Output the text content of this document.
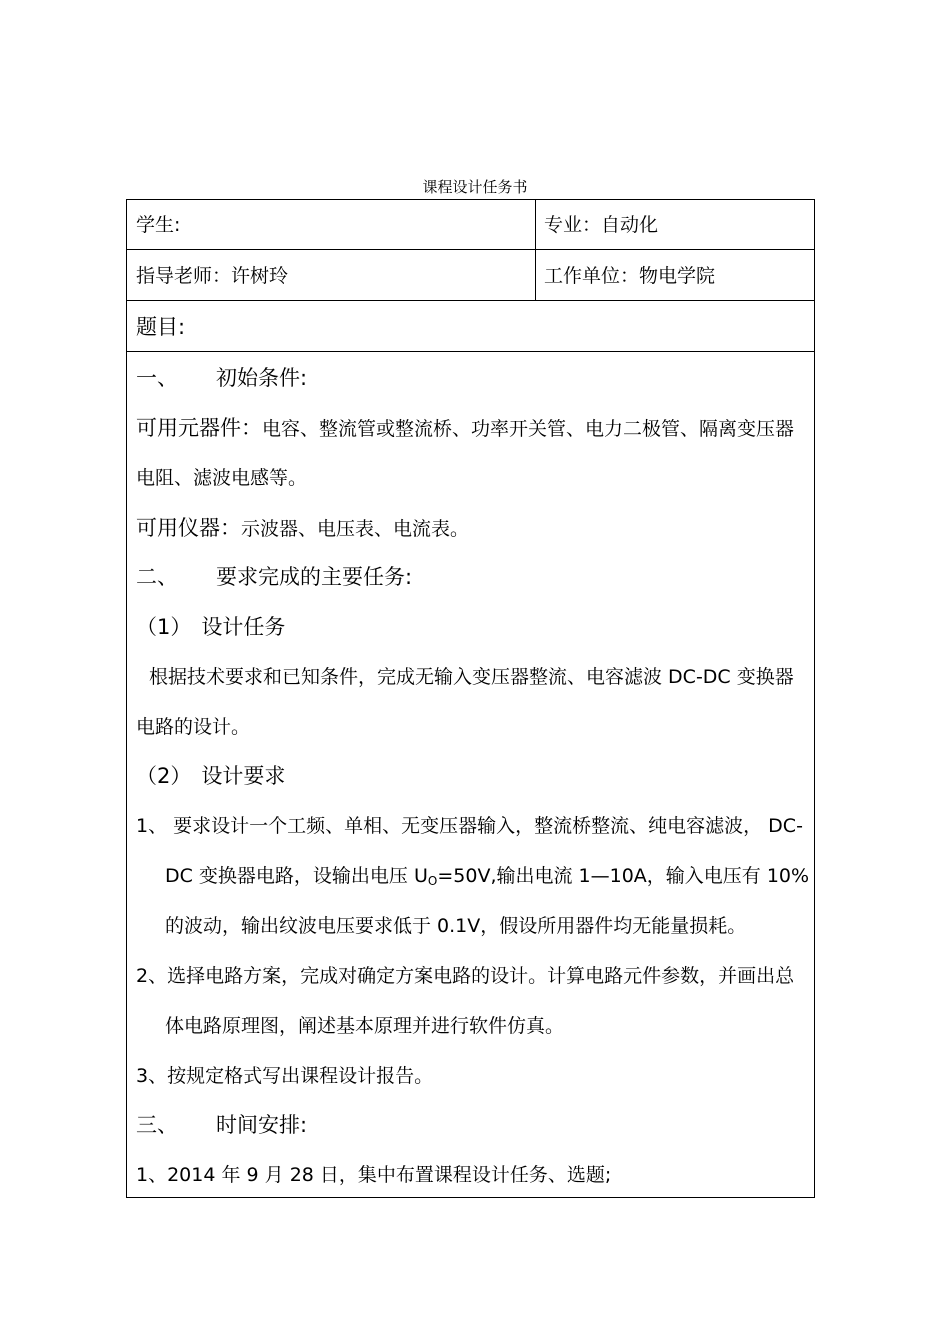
课程设计任务书
学生:	专业：自动化
指导老师：许树玲	工作单位：物电学院
题目:
一、 初始条件:
可用元器件：电容、整流管或整流桥、功率开关管、电力二极管、隔离变压器
电阻、滤波电感等。
可用仪器：示波器、电压表、电流表。
二、 要求完成的主要任务:
（1） 设计任务
根据技术要求和已知条件，完成无输入变压器整流、电容滤波 DC-DC 变换器
电路的设计。
（2） 设计要求
1、 要求设计一个工频、单相、无变压器输入，整流桥整流、纯电容滤波， DC-
DC 变换器电路，设输出电压 $U_O=50V$,输出电流 1—10A，输入电压有 10%
的波动，输出纹波电压要求低于 0.1V，假设所用器件均无能量损耗。
2、选择电路方案，完成对确定方案电路的设计。计算电路元件参数，并画出总
体电路原理图，阐述基本原理并进行软件仿真。
3、按规定格式写出课程设计报告。
三、 时间安排:
1、2014 年 9 月 28 日，集中布置课程设计任务、选题;
